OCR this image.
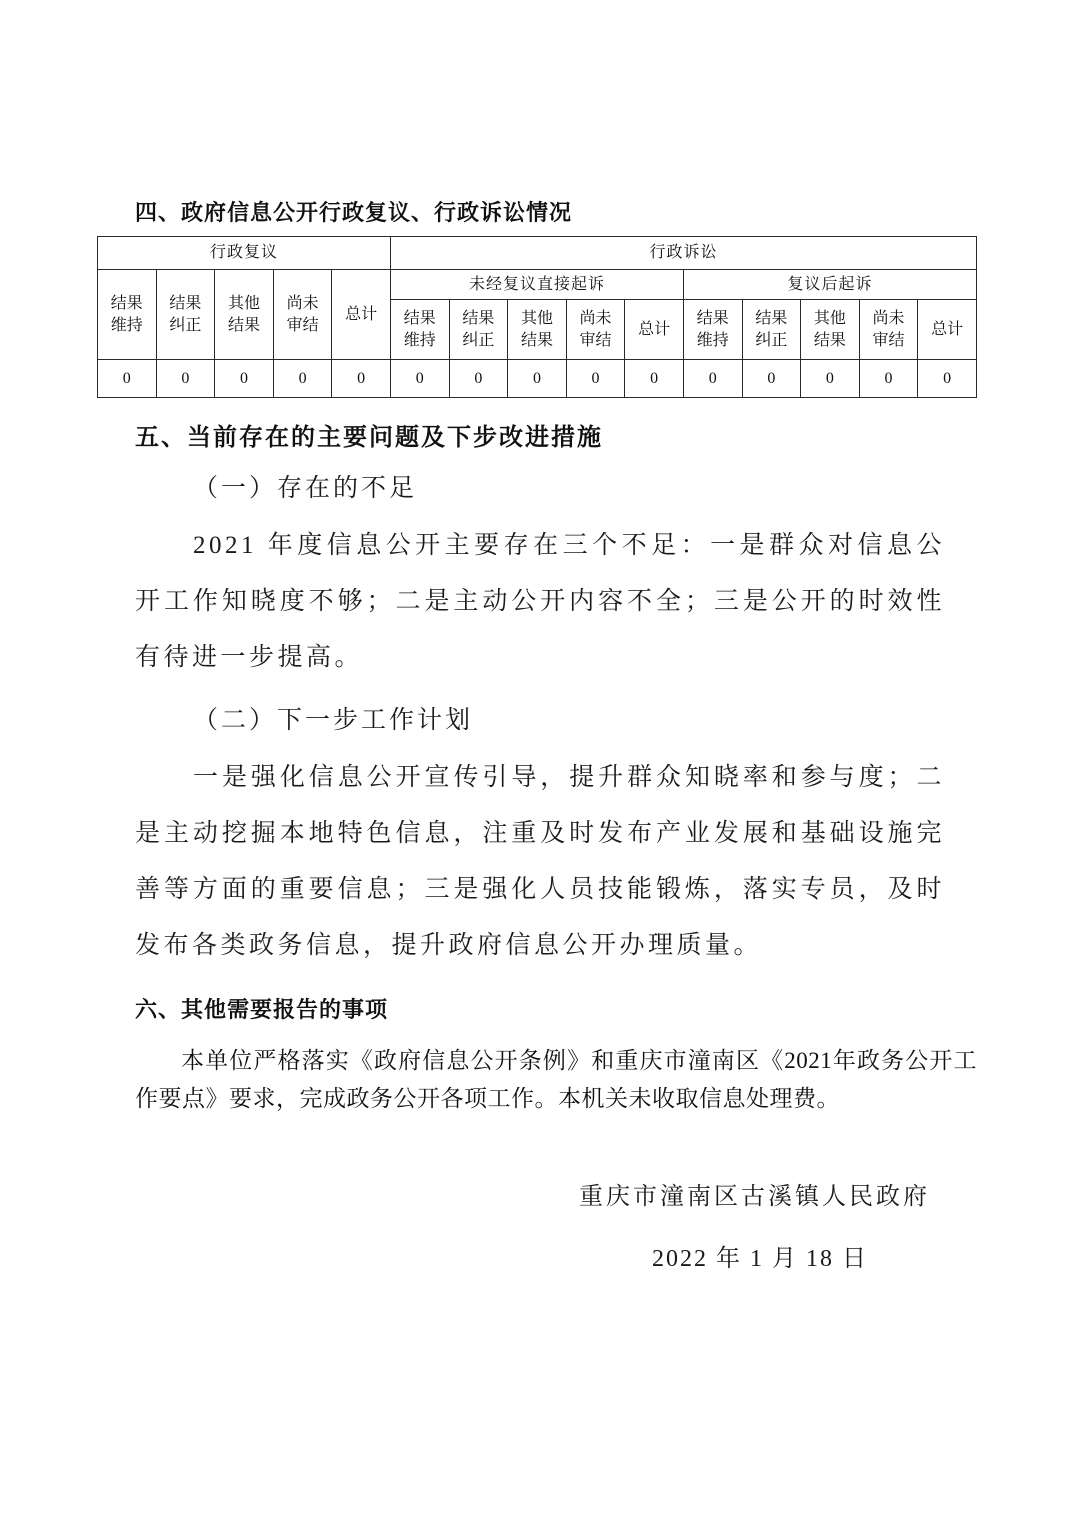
四、政府信息公开行政复议、行政诉讼情况
行政复议					行政诉讼									
结果维持	结果纠正	其他结果	尚未审结	总计	未经复议直接起诉					复议后起诉				
					结果维持	结果纠正	其他结果	尚未审结	总计	结果维持	结果纠正	其他结果	尚未审结	总计
0	0	0	0	0	0	0	0	0	0	0	0	0	0	0
五、当前存在的主要问题及下步改进措施
（一）存在的不足
2021 年度信息公开主要存在三个不足：一是群众对信息公开工作知晓度不够；二是主动公开内容不全；三是公开的时效性有待进一步提高。
（二）下一步工作计划
一是强化信息公开宣传引导，提升群众知晓率和参与度；二是主动挖掘本地特色信息，注重及时发布产业发展和基础设施完善等方面的重要信息；三是强化人员技能锻炼，落实专员，及时发布各类政务信息，提升政府信息公开办理质量。
六、其他需要报告的事项
本单位严格落实《政府信息公开条例》和重庆市潼南区《2021年政务公开工作要点》要求，完成政务公开各项工作。本机关未收取信息处理费。
重庆市潼南区古溪镇人民政府
2022 年 1 月 18 日
